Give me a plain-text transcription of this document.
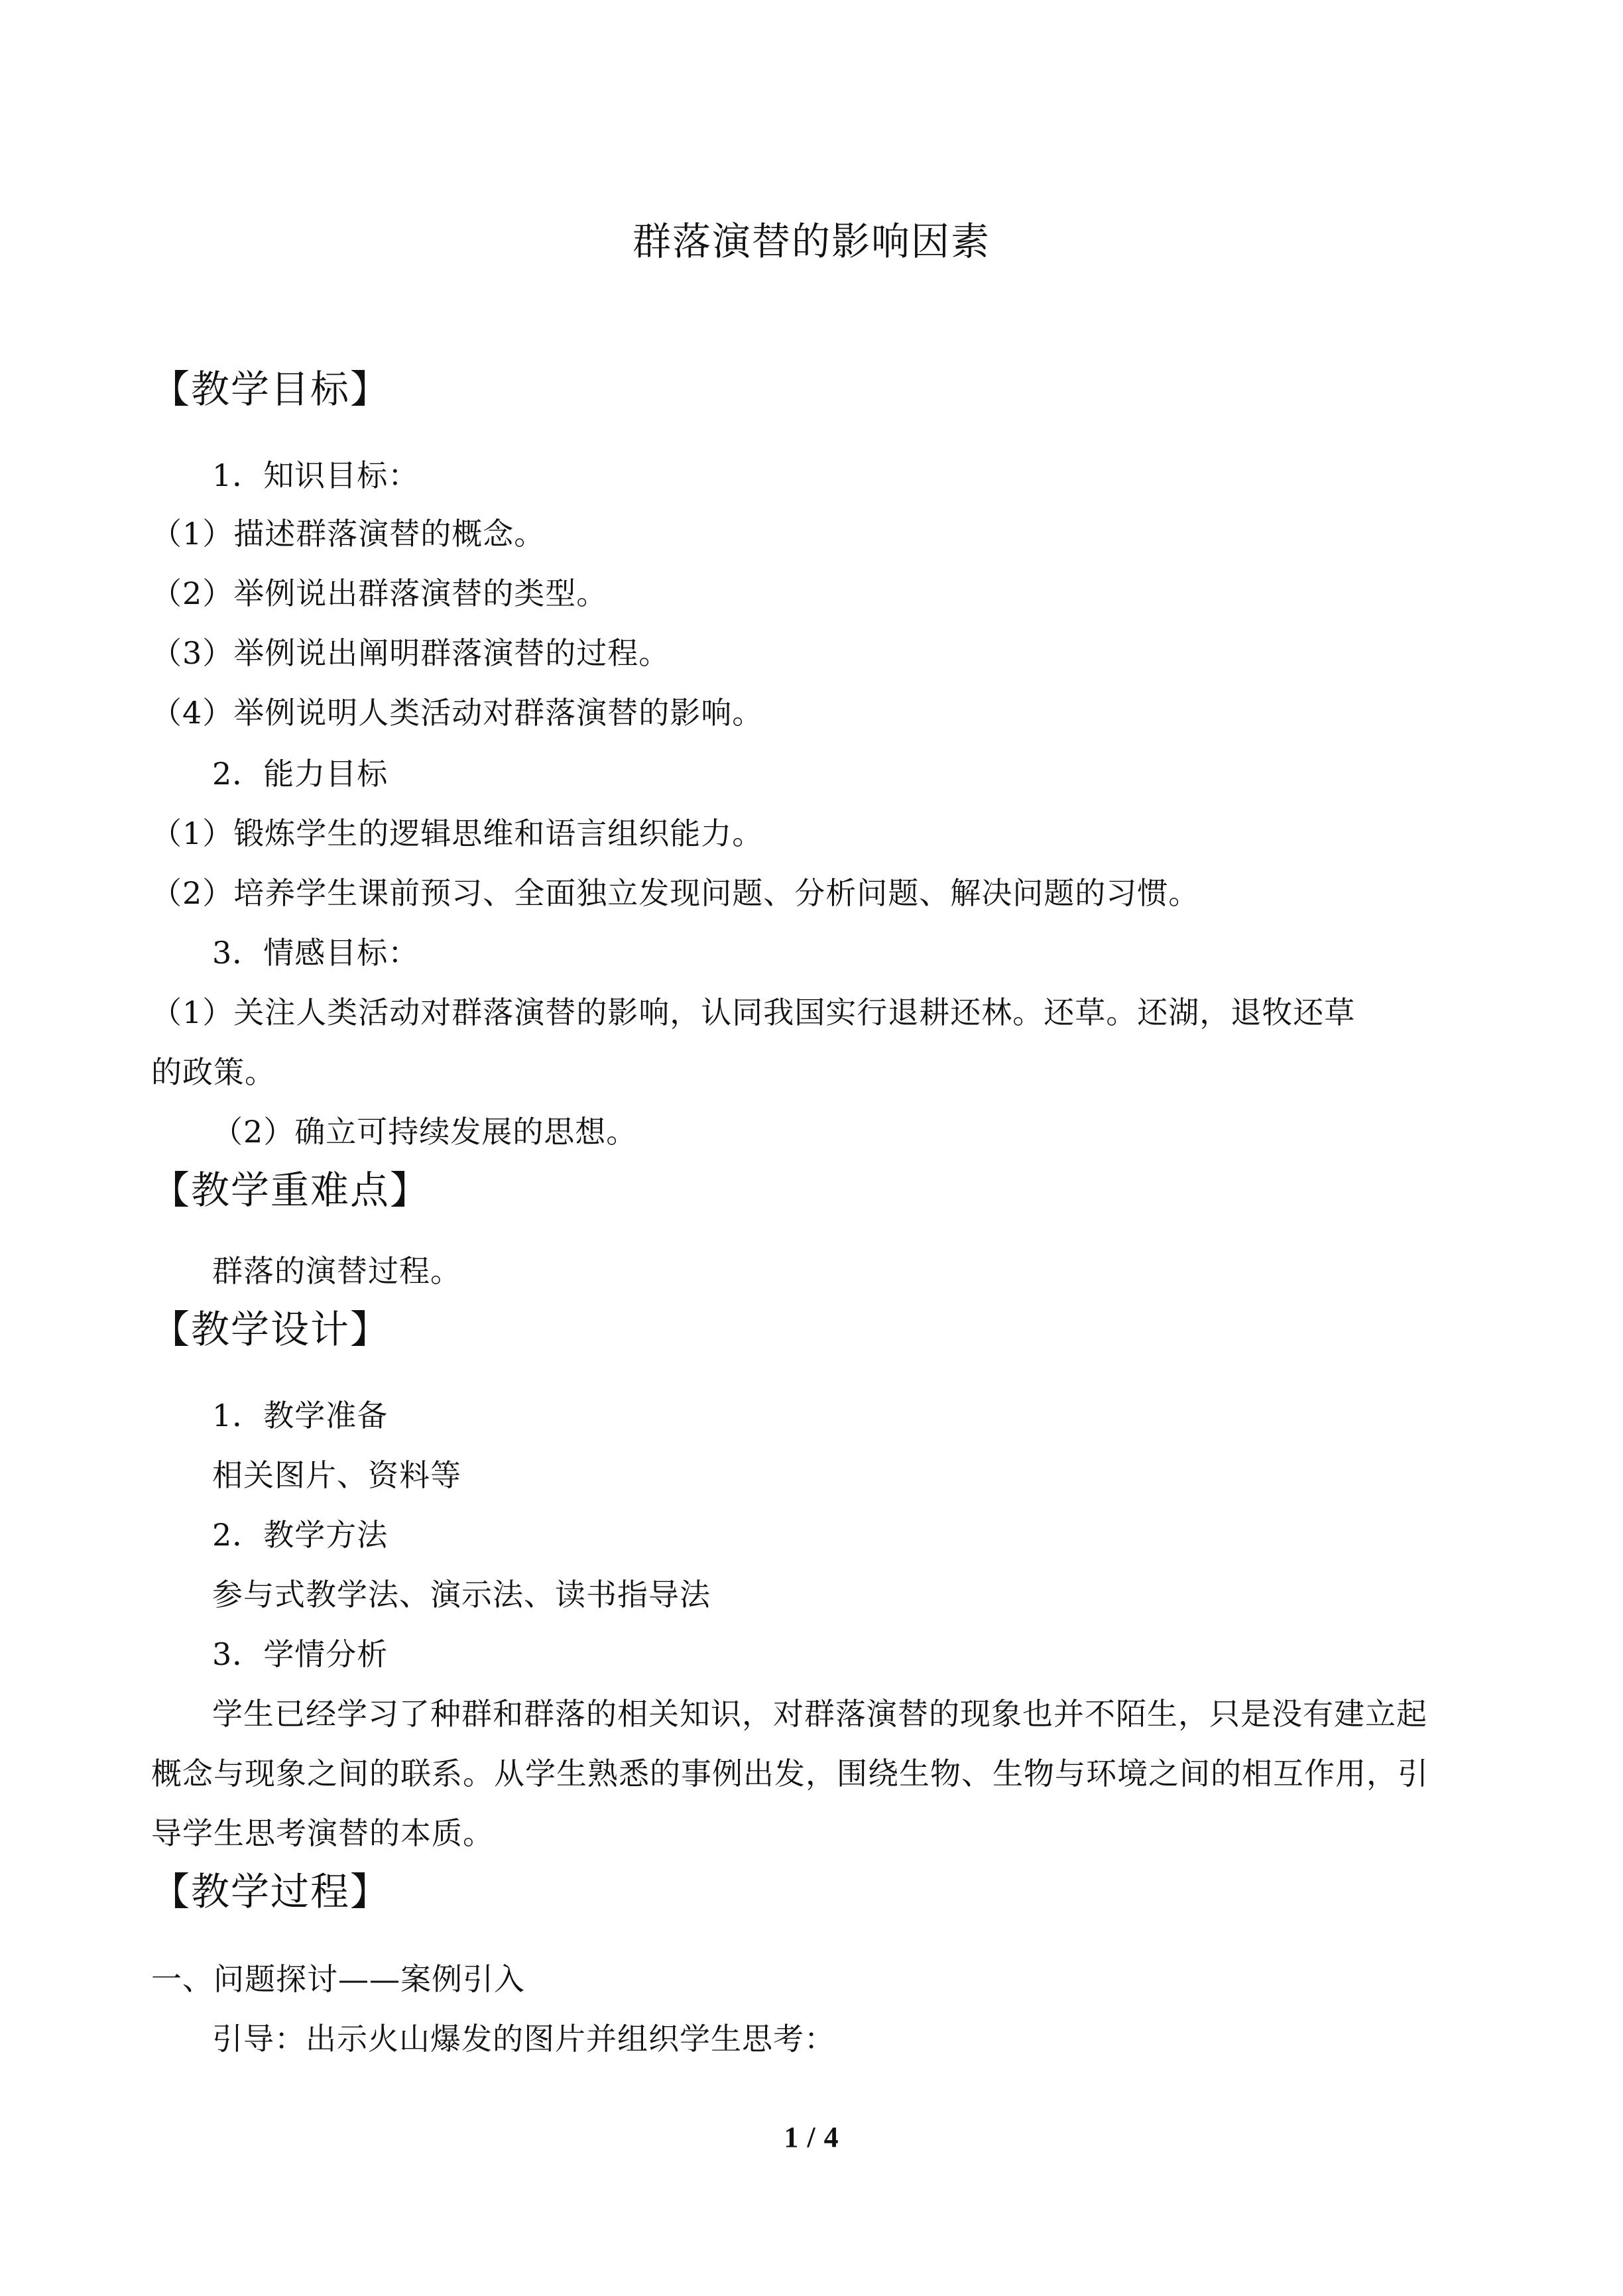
群落演替的影响因素
【教学目标】
1．知识目标：
（1）描述群落演替的概念。
（2）举例说出群落演替的类型。
（3）举例说出阐明群落演替的过程。
（4）举例说明人类活动对群落演替的影响。
2．能力目标
（1）锻炼学生的逻辑思维和语言组织能力。
（2）培养学生课前预习、全面独立发现问题、分析问题、解决问题的习惯。
3．情感目标：
（1）关注人类活动对群落演替的影响，认同我国实行退耕还林。还草。还湖，退牧还草
的政策。
（2）确立可持续发展的思想。
【教学重难点】
群落的演替过程。
【教学设计】
1．教学准备
相关图片、资料等
2．教学方法
参与式教学法、演示法、读书指导法
3．学情分析
学生已经学习了种群和群落的相关知识，对群落演替的现象也并不陌生，只是没有建立起
概念与现象之间的联系。从学生熟悉的事例出发，围绕生物、生物与环境之间的相互作用，引
导学生思考演替的本质。
【教学过程】
一、问题探讨——案例引入
引导：出示火山爆发的图片并组织学生思考：
1 / 4
